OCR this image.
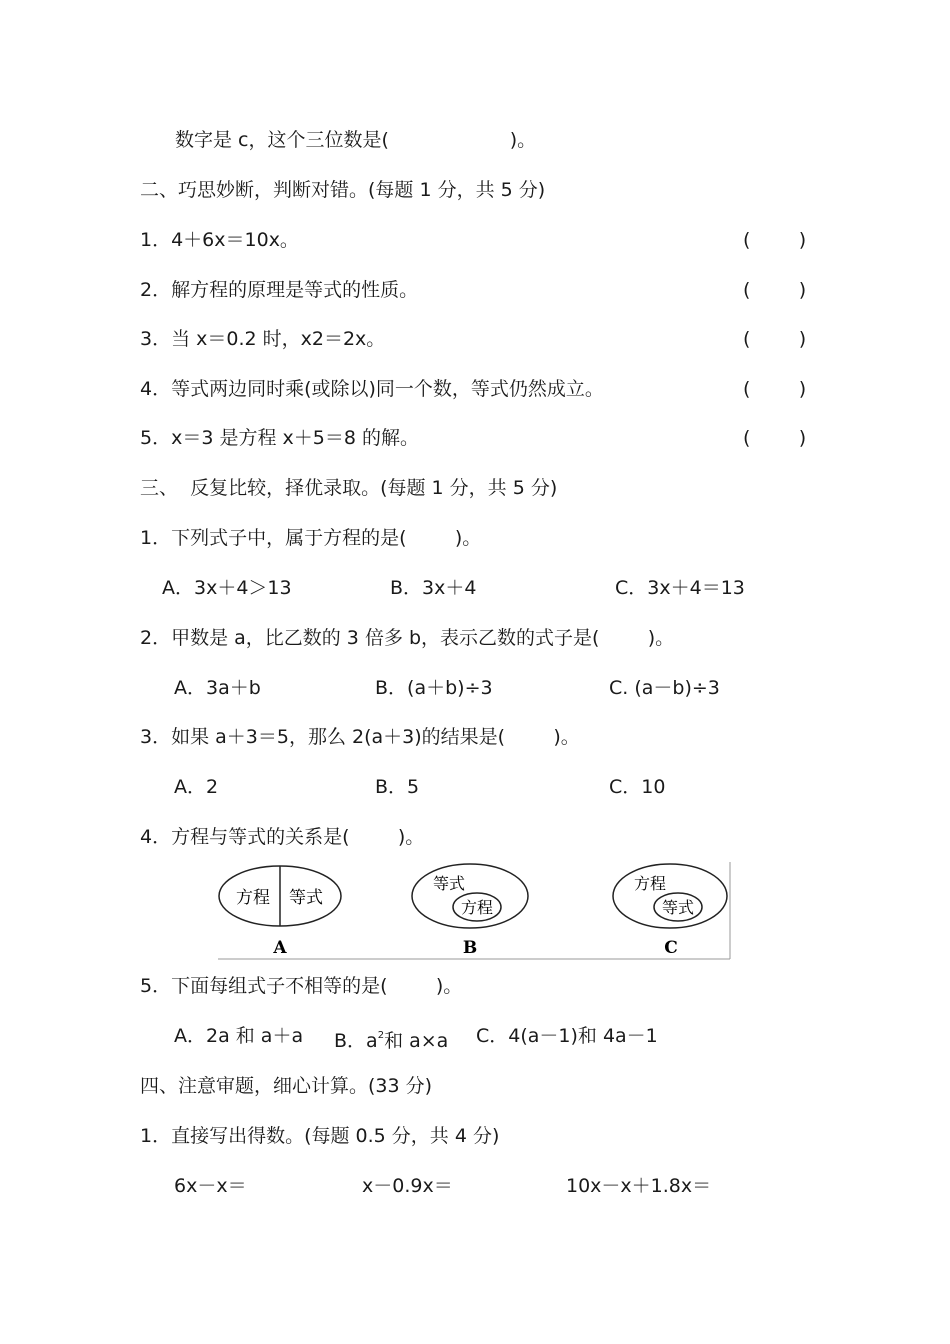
数字是 c，这个三位数是(                    )。
二、巧思妙断，判断对错。(每题 1 分，共 5 分)
1．4＋6x＝10x。	(        )
2．解方程的原理是等式的性质。	(        )
3．当 x＝0.2 时，x2＝2x。	(        )
4．等式两边同时乘(或除以)同一个数，等式仍然成立。	(        )
5．x＝3 是方程 x＋5＝8 的解。	(        )
三、  反复比较，择优录取。(每题 1 分，共 5 分)
1．下列式子中，属于方程的是(        )。
A．3x＋4＞13	B．3x＋4	C．3x＋4＝13
2．甲数是 a，比乙数的 3 倍多 b，表示乙数的式子是(        )。
A．3a＋b	B．(a＋b)÷3	C. (a－b)÷3
3．如果 a＋3＝5，那么 2(a＋3)的结果是(        )。
A．2	B．5	C．10
4．方程与等式的关系是(        )。
方程 等式
A
等式
方程
B
方程
等式
C
5．下面每组式子不相等的是(        )。
A．2a 和 a＋a B．$a^2$和 a×a C．4(a－1)和 4a－1
四、注意审题，细心计算。(33 分)
1．直接写出得数。(每题 0.5 分，共 4 分)
6x－x＝	x－0.9x＝	10x－x＋1.8x＝
